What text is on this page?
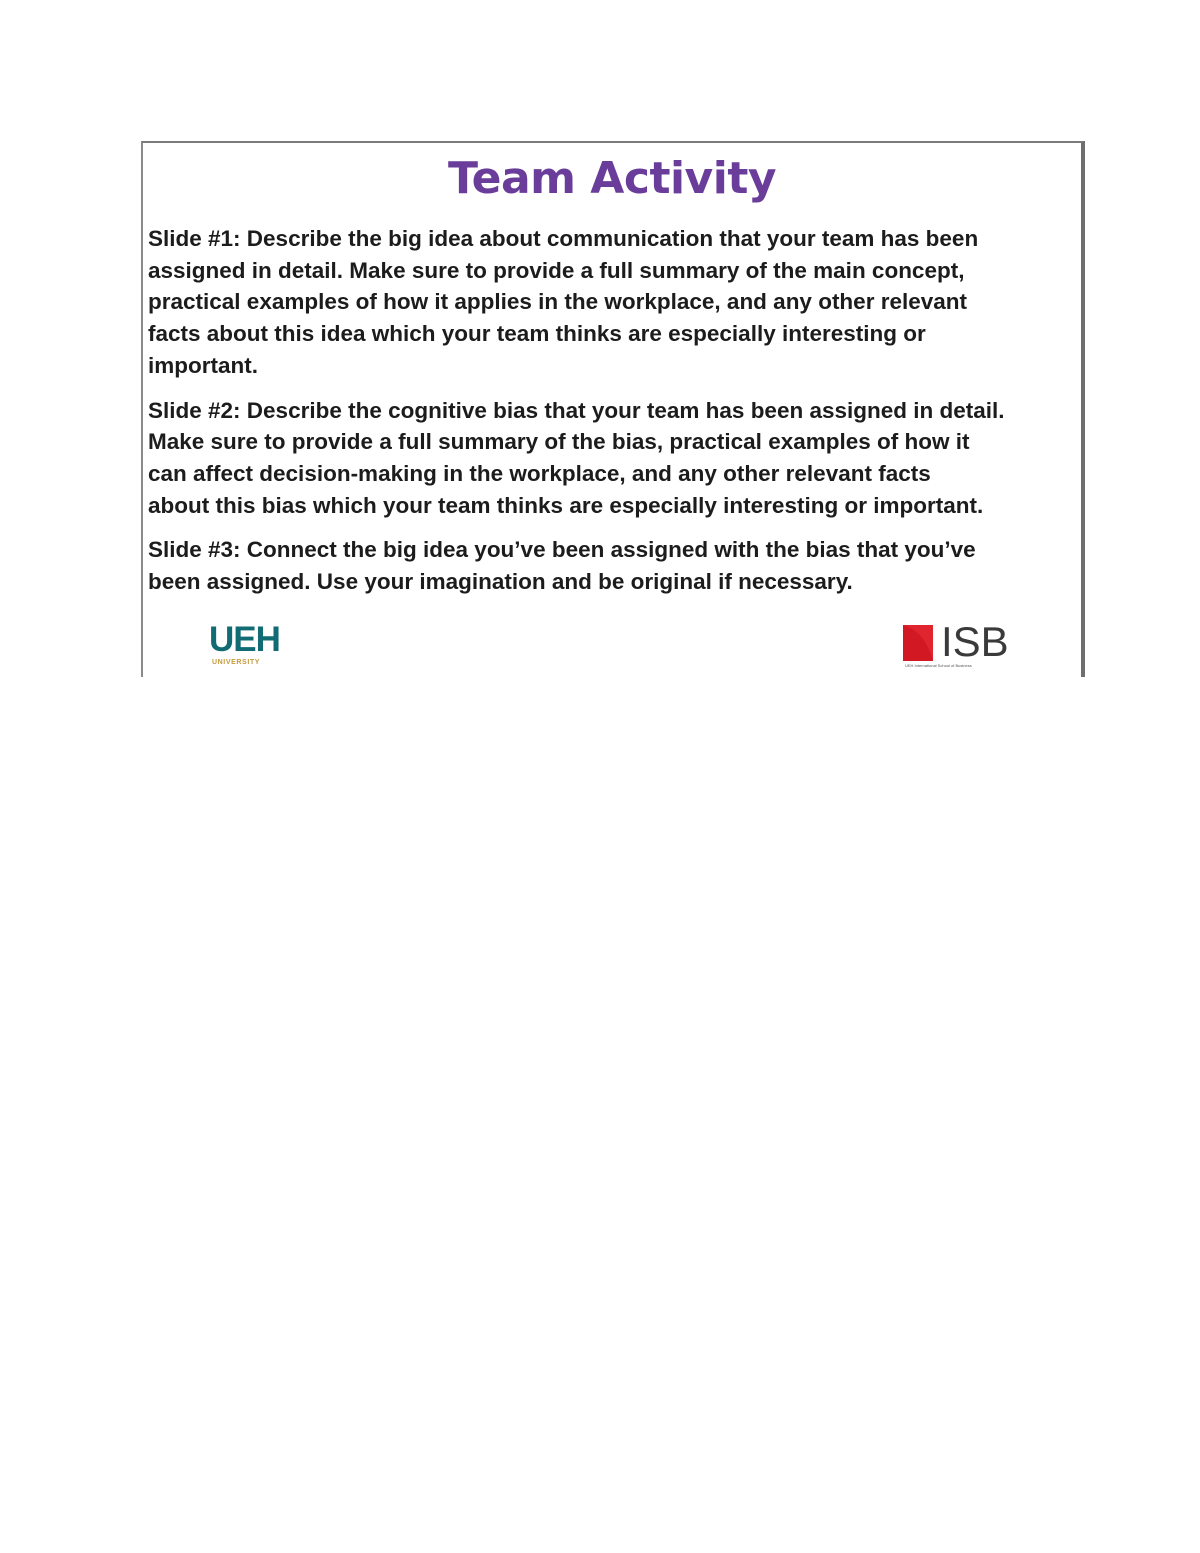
Team Activity
Slide #1: Describe the big idea about communication that your team has been
assigned in detail. Make sure to provide a full summary of the main concept,
practical examples of how it applies in the workplace, and any other relevant
facts about this idea which your team thinks are especially interesting or
important.
Slide #2: Describe the cognitive bias that your team has been assigned in detail.
Make sure to provide a full summary of the bias, practical examples of how it
can affect decision-making in the workplace, and any other relevant facts
about this bias which your team thinks are especially interesting or important.
Slide #3: Connect the big idea you’ve been assigned with the bias that you’ve
been assigned. Use your imagination and be original if necessary.
UEH
UNIVERSITY	ISB
UEH International School of Business
